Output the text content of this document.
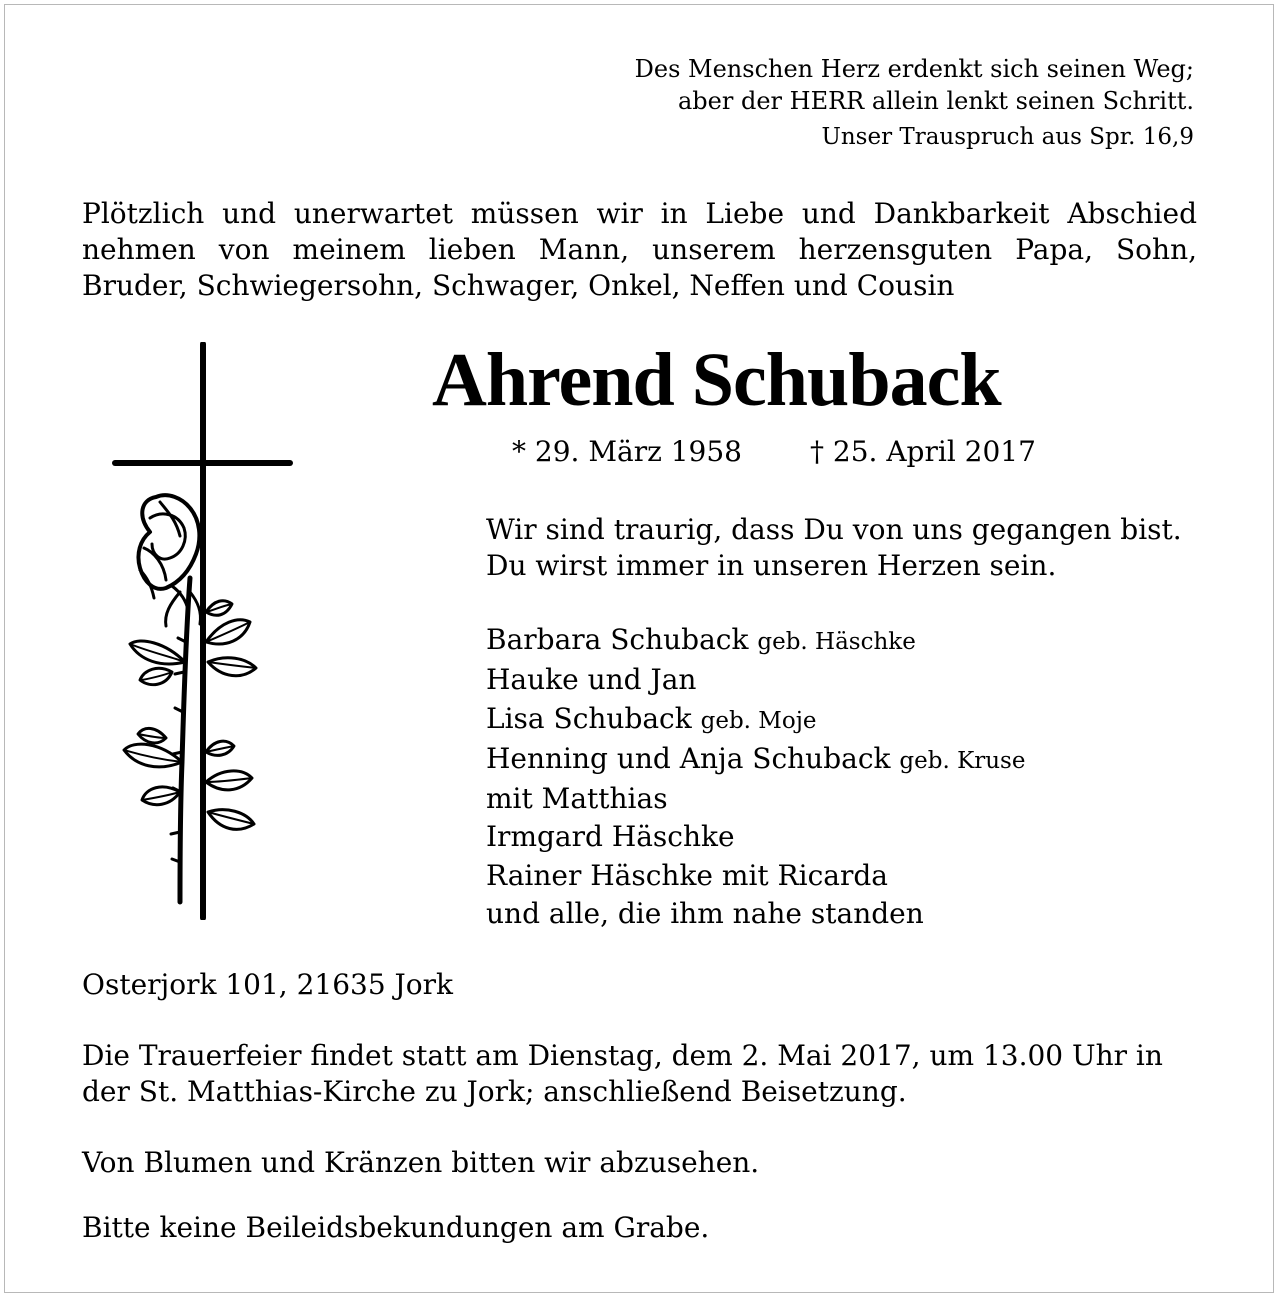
Des Menschen Herz erdenkt sich seinen Weg;
aber der HERR allein lenkt seinen Schritt.
Unser Trauspruch aus Spr. 16,9
Plötzlich und unerwartet müssen wir in Liebe und Dankbarkeit Abschied nehmen von meinem lieben Mann, unserem herzensguten Papa, Sohn, Bruder, Schwiegersohn, Schwager, Onkel, Neffen und Cousin
Ahrend Schuback
* 29. März 1958 † 25. April 2017
Wir sind traurig, dass Du von uns gegangen bist.
Du wirst immer in unseren Herzen sein.
Barbara Schuback geb. Häschke
Hauke und Jan
Lisa Schuback geb. Moje
Henning und Anja Schuback geb. Kruse
mit Matthias
Irmgard Häschke
Rainer Häschke mit Ricarda
und alle, die ihm nahe standen
Osterjork 101, 21635 Jork
Die Trauerfeier findet statt am Dienstag, dem 2. Mai 2017, um 13.00 Uhr in der St. Matthias-Kirche zu Jork; anschließend Beisetzung.
Von Blumen und Kränzen bitten wir abzusehen.
Bitte keine Beileidsbekundungen am Grabe.
